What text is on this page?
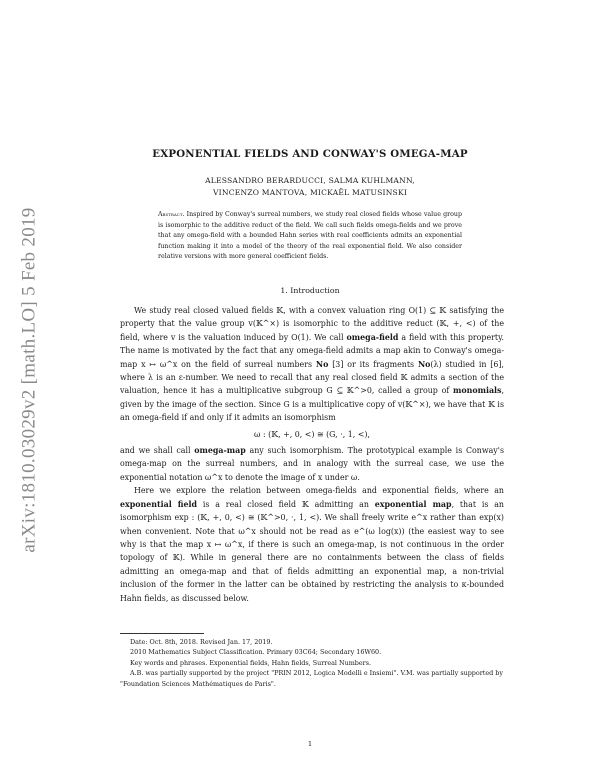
arXiv:1810.03029v2 [math.LO] 5 Feb 2019
EXPONENTIAL FIELDS AND CONWAY'S OMEGA-MAP
ALESSANDRO BERARDUCCI, SALMA KUHLMANN,
VINCENZO MANTOVA, MICKAËL MATUSINSKI
Abstract. Inspired by Conway's surreal numbers, we study real closed fields whose value group is isomorphic to the additive reduct of the field. We call such fields omega-fields and we prove that any omega-field with a bounded Hahn series with real coefficients admits an exponential function making it into a model of the theory of the real exponential field. We also consider relative versions with more general coefficient fields.
1. Introduction

We study real closed valued fields 𝕂, with a convex valuation ring O(1) ⊆ 𝕂 satisfying the property that the value group v(𝕂^×) is isomorphic to the additive reduct (𝕂, +, <) of the field, where v is the valuation induced by O(1). We call omega-field a field with this property. The name is motivated by the fact that any omega-field admits a map akin to Conway's omega-map x ↦ ω^x on the field of surreal numbers No [3] or its fragments No(λ) studied in [6], where λ is an ε-number. We need to recall that any real closed field 𝕂 admits a section of the valuation, hence it has a multiplicative subgroup G ⊆ 𝕂^>0, called a group of monomials, given by the image of the section. Since G is a multiplicative copy of v(𝕂^×), we have that 𝕂 is an omega-field if and only if it admits an isomorphism

ω : (𝕂, +, 0, <) ≅ (G, ·, 1, <),

and we shall call omega-map any such isomorphism. The prototypical example is Conway's omega-map on the surreal numbers, and in analogy with the surreal case, we use the exponential notation ω^x to denote the image of x under ω.

Here we explore the relation between omega-fields and exponential fields, where an exponential field is a real closed field 𝕂 admitting an exponential map, that is an isomorphism exp : (𝕂, +, 0, <) ≅ (𝕂^>0, ·, 1, <). We shall freely write e^x rather than exp(x) when convenient. Note that ω^x should not be read as e^(ω log(x)) (the easiest way to see why is that the map x ↦ ω^x, if there is such an omega-map, is not continuous in the order topology of 𝕂). While in general there are no containments between the class of fields admitting an omega-map and that of fields admitting an exponential map, a non-trivial inclusion of the former in the latter can be obtained by restricting the analysis to κ-bounded Hahn fields, as discussed below.

Date: Oct. 8th, 2018. Revised Jan. 17, 2019.
2010 Mathematics Subject Classification. Primary 03C64; Secondary 16W60.
Key words and phrases. Exponential fields, Hahn fields, Surreal Numbers.
A.B. was partially supported by the project "PRIN 2012, Logica Modelli e Insiemi". V.M. was partially supported by "Foundation Sciences Mathématiques de Paris".
1
